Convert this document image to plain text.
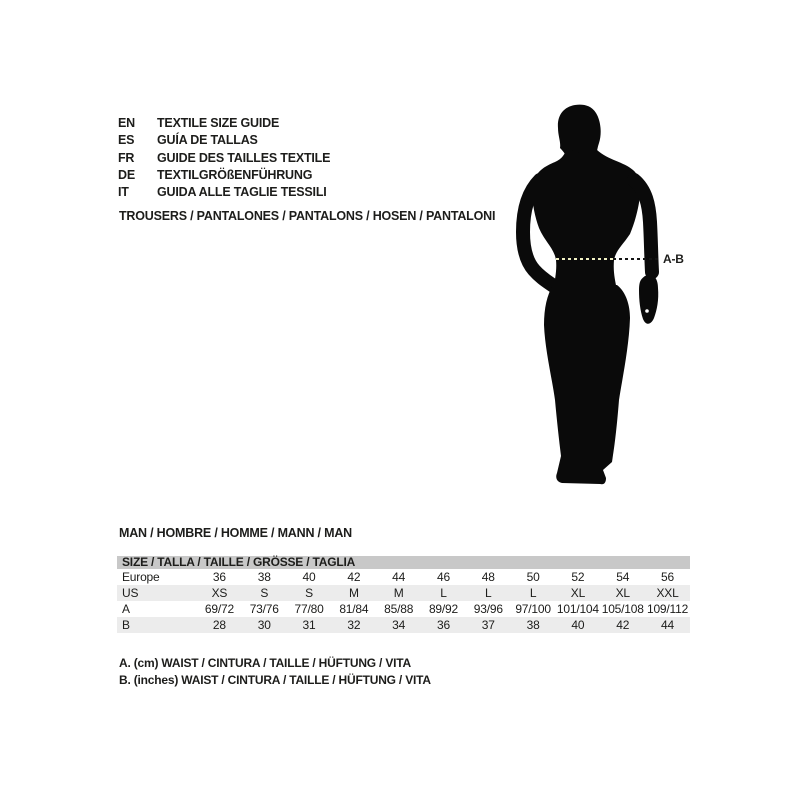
EN	TEXTILE SIZE GUIDE
ES	GUÍA DE TALLAS
FR	GUIDE DES TAILLES TEXTILE
DE	TEXTILGRÖßENFÜHRUNG
IT	GUIDA ALLE TAGLIE TESSILI
TROUSERS / PANTALONES / PANTALONS / HOSEN / PANTALONI
A-B
MAN / HOMBRE / HOMME / MANN / MAN
SIZE / TALLA / TAILLE / GRÖSSE / TAGLIA
Europe	36	38	40	42	44	46	48	50	52	54	56
US	XS	S	S	M	M	L	L	L	XL	XL	XXL
A	69/72	73/76	77/80	81/84	85/88	89/92	93/96	97/100 101/104 105/108 109/112
B	28	30	31	32	34	36	37	38	40	42	44
A. (cm) WAIST / CINTURA / TAILLE / HÜFTUNG / VITA
B. (inches) WAIST / CINTURA / TAILLE / HÜFTUNG / VITA
